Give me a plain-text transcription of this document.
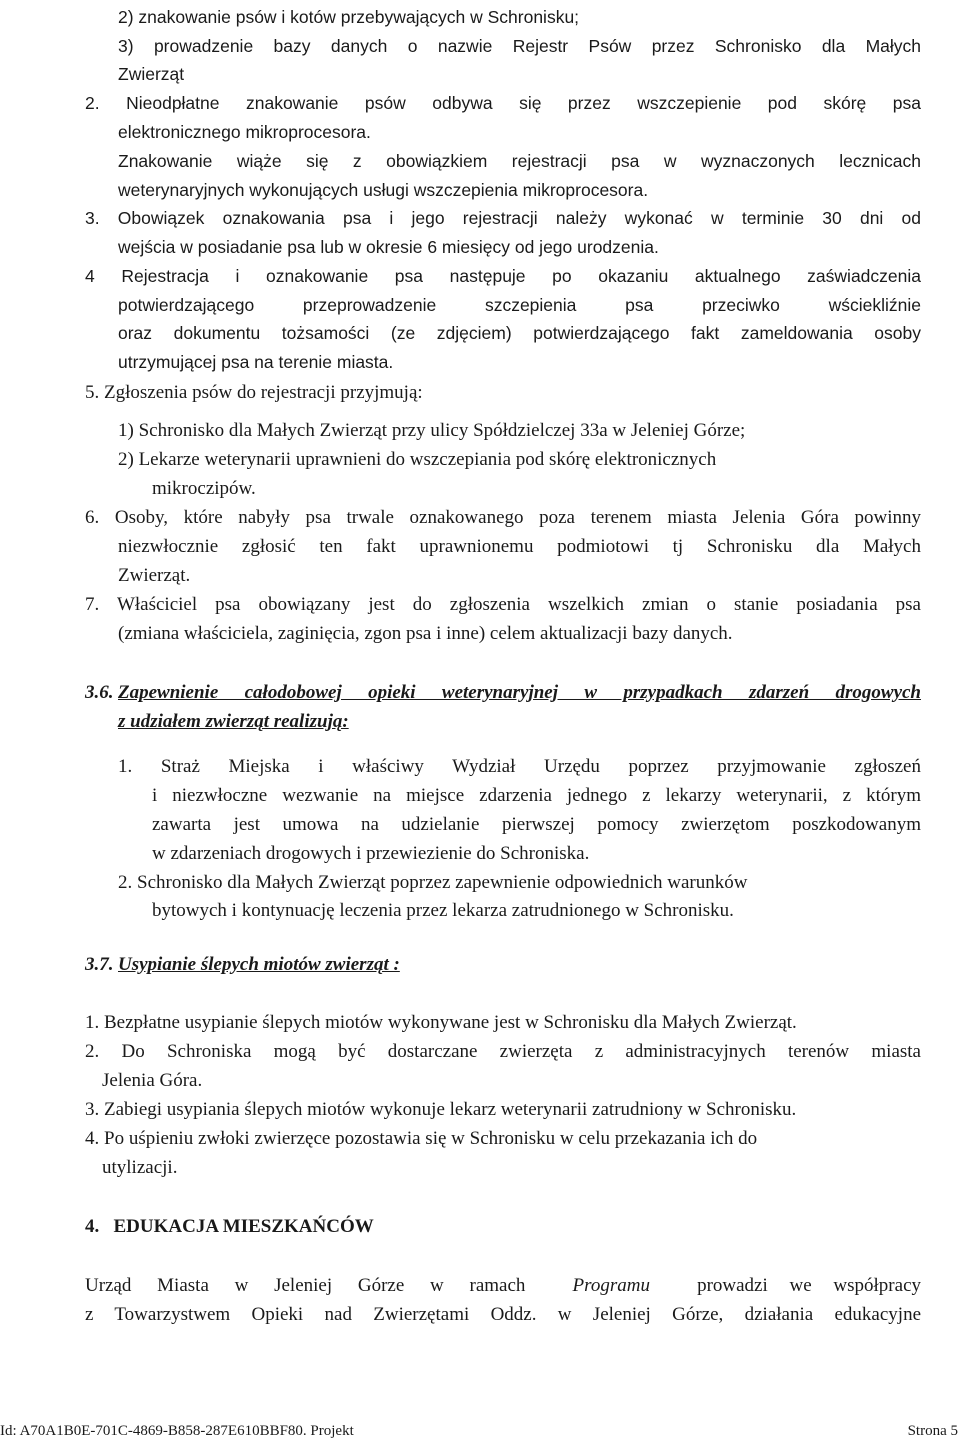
2) znakowanie psów i kotów przebywających w Schronisku;
3) prowadzenie bazy danych o nazwie Rejestr Psów przez Schronisko dla Małych
Zwierząt
2. Nieodpłatne znakowanie psów odbywa się przez wszczepienie pod skórę psa
elektronicznego mikroprocesora.
Znakowanie wiąże się z obowiązkiem rejestracji psa w wyznaczonych lecznicach
weterynaryjnych wykonujących usługi wszczepienia mikroprocesora.
3. Obowiązek oznakowania psa i jego rejestracji należy wykonać w terminie 30 dni od
wejścia w posiadanie psa lub w okresie 6 miesięcy od jego urodzenia.
4 Rejestracja i oznakowanie psa następuje po okazaniu aktualnego zaświadczenia
potwierdzającego przeprowadzenie szczepienia psa przeciwko wściekliźnie
oraz dokumentu tożsamości (ze zdjęciem) potwierdzającego fakt zameldowania osoby
utrzymującej psa na terenie miasta.
5. Zgłoszenia psów do rejestracji przyjmują:
1) Schronisko dla Małych Zwierząt przy ulicy Spółdzielczej 33a w Jeleniej Górze;
2) Lekarze weterynarii uprawnieni do wszczepiania pod skórę elektronicznych
mikroczipów.
6. Osoby, które nabyły psa trwale oznakowanego poza terenem miasta Jelenia Góra powinny
niezwłocznie zgłosić ten fakt uprawnionemu podmiotowi tj Schronisku dla Małych
Zwierząt.
7. Właściciel psa obowiązany jest do zgłoszenia wszelkich zmian o stanie posiadania psa
(zmiana właściciela, zaginięcia, zgon psa i inne) celem aktualizacji bazy danych.
3.6. Zapewnienie całodobowej opieki weterynaryjnej w przypadkach zdarzeń drogowych
z udziałem zwierząt realizują:
1. Straż Miejska i właściwy Wydział Urzędu poprzez przyjmowanie zgłoszeń
i niezwłoczne wezwanie na miejsce zdarzenia jednego z lekarzy weterynarii, z którym
zawarta jest umowa na udzielanie pierwszej pomocy zwierzętom poszkodowanym
w zdarzeniach drogowych i przewiezienie do Schroniska.
2. Schronisko dla Małych Zwierząt poprzez zapewnienie odpowiednich warunków
bytowych i kontynuację leczenia przez lekarza zatrudnionego w Schronisku.
3.7. Usypianie ślepych miotów zwierząt :
1. Bezpłatne usypianie ślepych miotów wykonywane jest w Schronisku dla Małych Zwierząt.
2. Do Schroniska mogą być dostarczane zwierzęta z administracyjnych terenów miasta
Jelenia Góra.
3. Zabiegi usypiania ślepych miotów wykonuje lekarz weterynarii zatrudniony w Schronisku.
4. Po uśpieniu zwłoki zwierzęce pozostawia się w Schronisku w celu przekazania ich do
utylizacji.
4.   EDUKACJA MIESZKAŃCÓW
Urząd Miasta w Jeleniej Górze w ramach Programu prowadzi we współpracy
z Towarzystwem Opieki nad Zwierzętami Oddz. w Jeleniej Górze, działania edukacyjne
Id: A70A1B0E-701C-4869-B858-287E610BBF80. Projekt	Strona 5
